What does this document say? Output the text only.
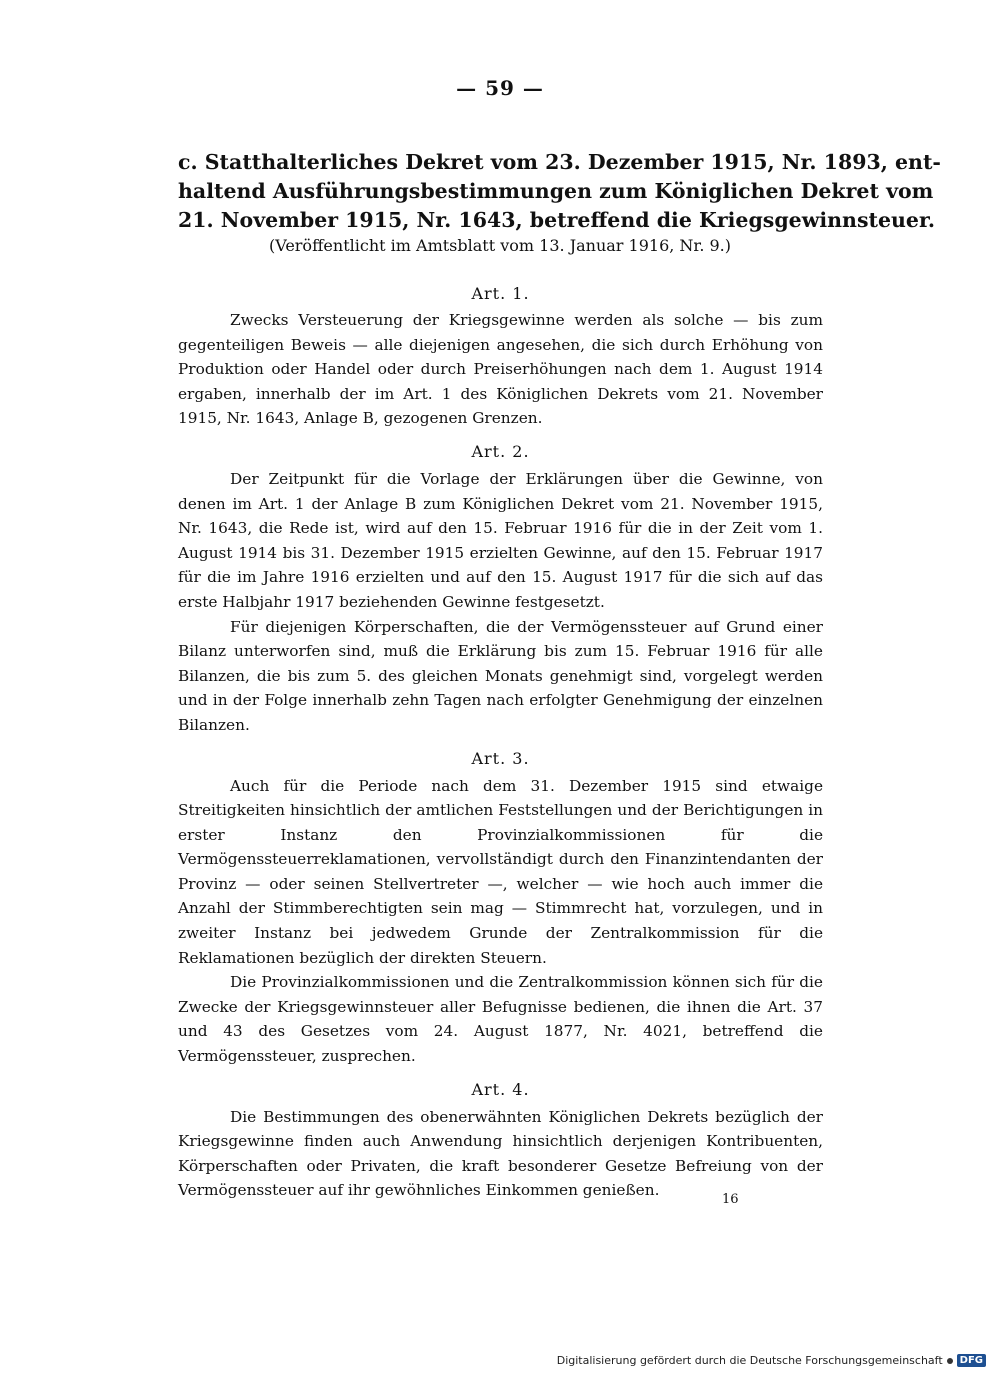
— 59 —
c. Statthalterliches Dekret vom 23. Dezember 1915, Nr. 1893, ent-
haltend Ausführungsbestimmungen zum Königlichen Dekret vom
21. November 1915, Nr. 1643, betreffend die Kriegsgewinnsteuer.
(Veröffentlicht im Amtsblatt vom 13. Januar 1916, Nr. 9.)

Art. 1.

Zwecks Versteuerung der Kriegsgewinne werden als solche — bis zum gegenteiligen Beweis — alle diejenigen angesehen, die sich durch Erhöhung von Produktion oder Handel oder durch Preiserhöhungen nach dem 1. August 1914 ergaben, innerhalb der im Art. 1 des Königlichen Dekrets vom 21. November 1915, Nr. 1643, Anlage B, gezogenen Grenzen.

Art. 2.

Der Zeitpunkt für die Vorlage der Erklärungen über die Gewinne, von denen im Art. 1 der Anlage B zum Königlichen Dekret vom 21. November 1915, Nr. 1643, die Rede ist, wird auf den 15. Februar 1916 für die in der Zeit vom 1. August 1914 bis 31. Dezember 1915 erzielten Gewinne, auf den 15. Februar 1917 für die im Jahre 1916 erzielten und auf den 15. August 1917 für die sich auf das erste Halbjahr 1917 beziehenden Gewinne festgesetzt.

Für diejenigen Körperschaften, die der Vermögenssteuer auf Grund einer Bilanz unterworfen sind, muß die Erklärung bis zum 15. Februar 1916 für alle Bilanzen, die bis zum 5. des gleichen Monats genehmigt sind, vorgelegt werden und in der Folge innerhalb zehn Tagen nach erfolgter Genehmigung der einzelnen Bilanzen.

Art. 3.

Auch für die Periode nach dem 31. Dezember 1915 sind etwaige Streitigkeiten hinsichtlich der amtlichen Feststellungen und der Berichtigungen in erster Instanz den Provinzialkommissionen für die Vermögenssteuerreklamationen, vervollständigt durch den Finanzintendanten der Provinz — oder seinen Stellvertreter —, welcher — wie hoch auch immer die Anzahl der Stimmberechtigten sein mag — Stimmrecht hat, vorzulegen, und in zweiter Instanz bei jedwedem Grunde der Zentralkommission für die Reklamationen bezüglich der direkten Steuern.

Die Provinzialkommissionen und die Zentralkommission können sich für die Zwecke der Kriegsgewinnsteuer aller Befugnisse bedienen, die ihnen die Art. 37 und 43 des Gesetzes vom 24. August 1877, Nr. 4021, betreffend die Vermögenssteuer, zusprechen.

Art. 4.

Die Bestimmungen des obenerwähnten Königlichen Dekrets bezüglich der Kriegsgewinne finden auch Anwendung hinsichtlich derjenigen Kontribuenten, Körperschaften oder Privaten, die kraft besonderer Gesetze Befreiung von der Vermögenssteuer auf ihr gewöhnliches Einkommen genießen.

16
Digitalisierung gefördert durch die Deutsche Forschungsgemeinschaft	DFG
